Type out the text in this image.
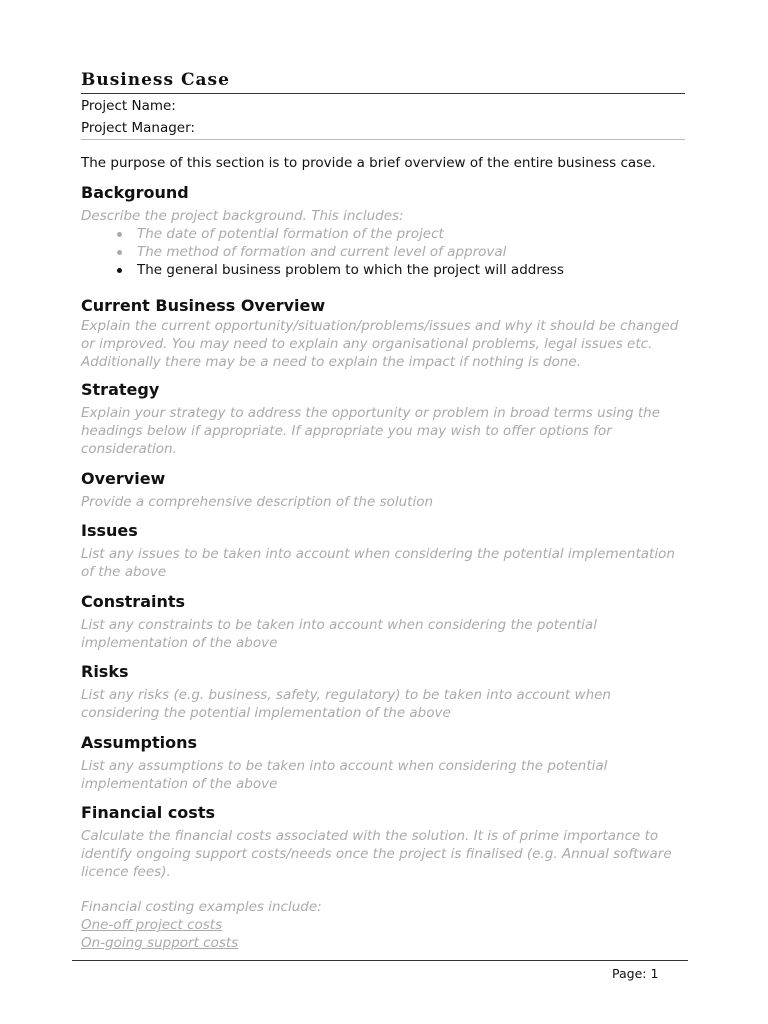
Business Case
Project Name:
Project Manager:
The purpose of this section is to provide a brief overview of the entire business case.
Background
Describe the project background. This includes:
The date of potential formation of the project
The method of formation and current level of approval
The general business problem to which the project will address
Current Business Overview
Explain the current opportunity/situation/problems/issues and why it should be changed
or improved. You may need to explain any organisational problems, legal issues etc.
Additionally there may be a need to explain the impact if nothing is done.
Strategy
Explain your strategy to address the opportunity or problem in broad terms using the
headings below if appropriate. If appropriate you may wish to offer options for
consideration.
Overview
Provide a comprehensive description of the solution
Issues
List any issues to be taken into account when considering the potential implementation
of the above
Constraints
List any constraints to be taken into account when considering the potential
implementation of the above
Risks
List any risks (e.g. business, safety, regulatory) to be taken into account when
considering the potential implementation of the above
Assumptions
List any assumptions to be taken into account when considering the potential
implementation of the above
Financial costs
Calculate the financial costs associated with the solution. It is of prime importance to
identify ongoing support costs/needs once the project is finalised (e.g. Annual software
licence fees).
Financial costing examples include:
One-off project costs
On-going support costs
Page: 1
